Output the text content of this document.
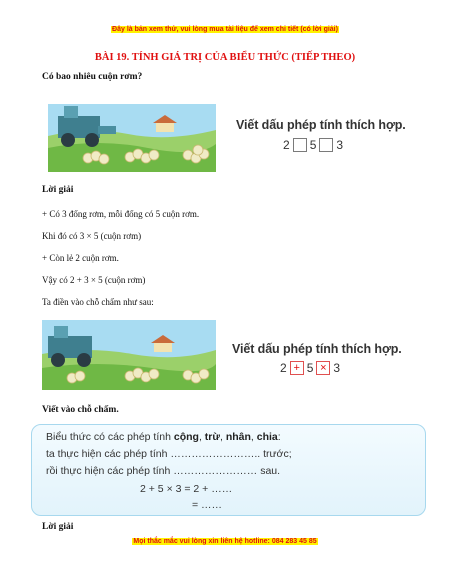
Đây là bản xem thử, vui lòng mua tài liệu để xem chi tiết (có lời giải)
BÀI 19. TÍNH GIÁ TRỊ CỦA BIỂU THỨC (TIẾP THEO)
Có bao nhiêu cuộn rơm?
Viết dấu phép tính thích hợp.
2 5 3
Lời giải
+ Có 3 đống rơm, mỗi đống có 5 cuộn rơm.
Khi đó có 3 × 5 (cuộn rơm)
+ Còn lẻ 2 cuộn rơm.
Vậy có 2 + 3 × 5 (cuộn rơm)
Ta điền vào chỗ chấm như sau:
Viết dấu phép tính thích hợp.
2 + 5 × 3
Viết vào chỗ chấm.
Biểu thức có các phép tính cộng, trừ, nhân, chia:
ta thực hiện các phép tính …………………….. trước;
rồi thực hiện các phép tính …………………… sau.
2 + 5 × 3 = 2 + ……
= ……
Lời giải
Mọi thắc mắc vui lòng xin liên hệ hotline: 084 283 45 85
